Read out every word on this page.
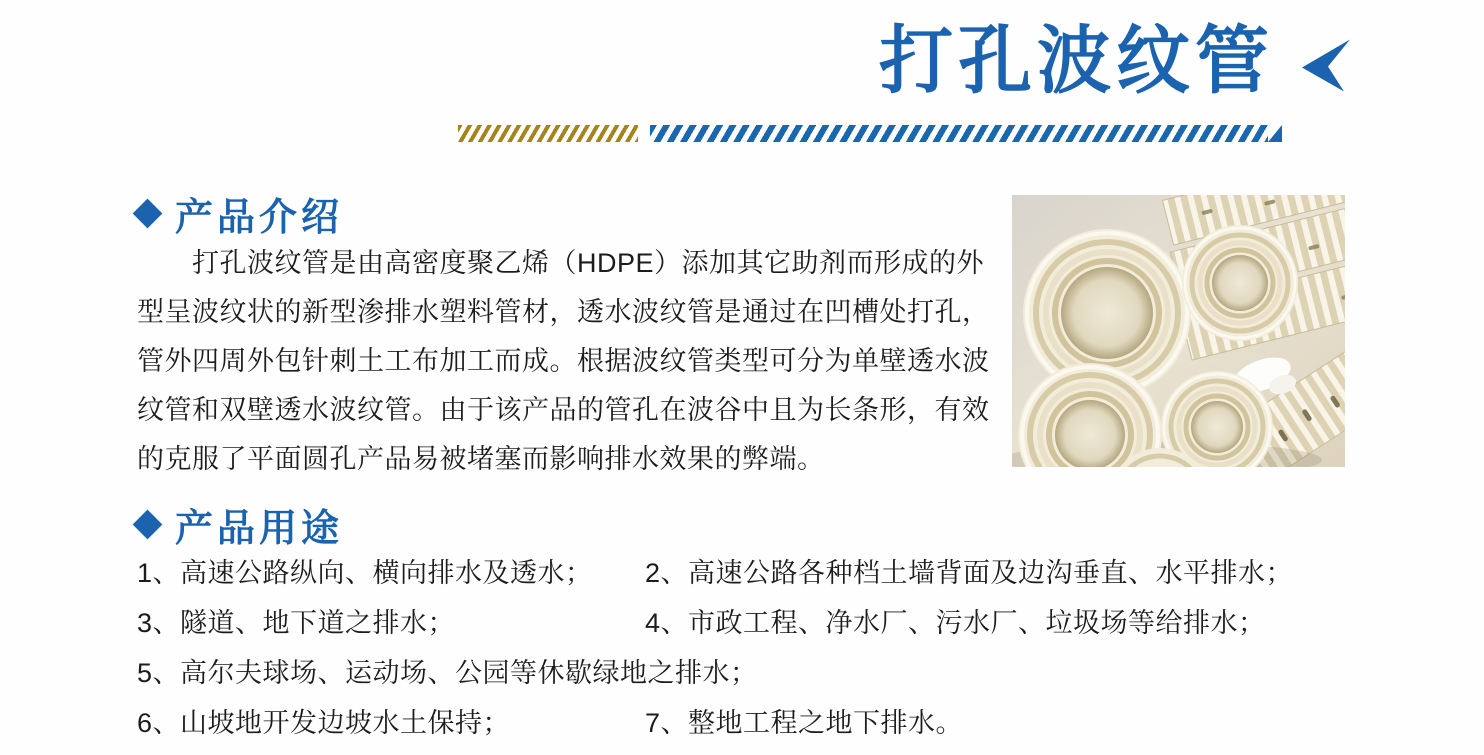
打孔波纹管
产品介绍
打孔波纹管是由高密度聚乙烯（HDPE）添加其它助剂而形成的外
型呈波纹状的新型渗排水塑料管材，透水波纹管是通过在凹槽处打孔，
管外四周外包针刺土工布加工而成。根据波纹管类型可分为单壁透水波
纹管和双壁透水波纹管。由于该产品的管孔在波谷中且为长条形，有效
的克服了平面圆孔产品易被堵塞而影响排水效果的弊端。
产品用途
1、高速公路纵向、横向排水及透水； 2、高速公路各种档土墙背面及边沟垂直、水平排水；
3、隧道、地下道之排水；	4、市政工程、净水厂、污水厂、垃圾场等给排水；
5、高尔夫球场、运动场、公园等休歇绿地之排水；
6、山坡地开发边坡水土保持；	7、整地工程之地下排水。
